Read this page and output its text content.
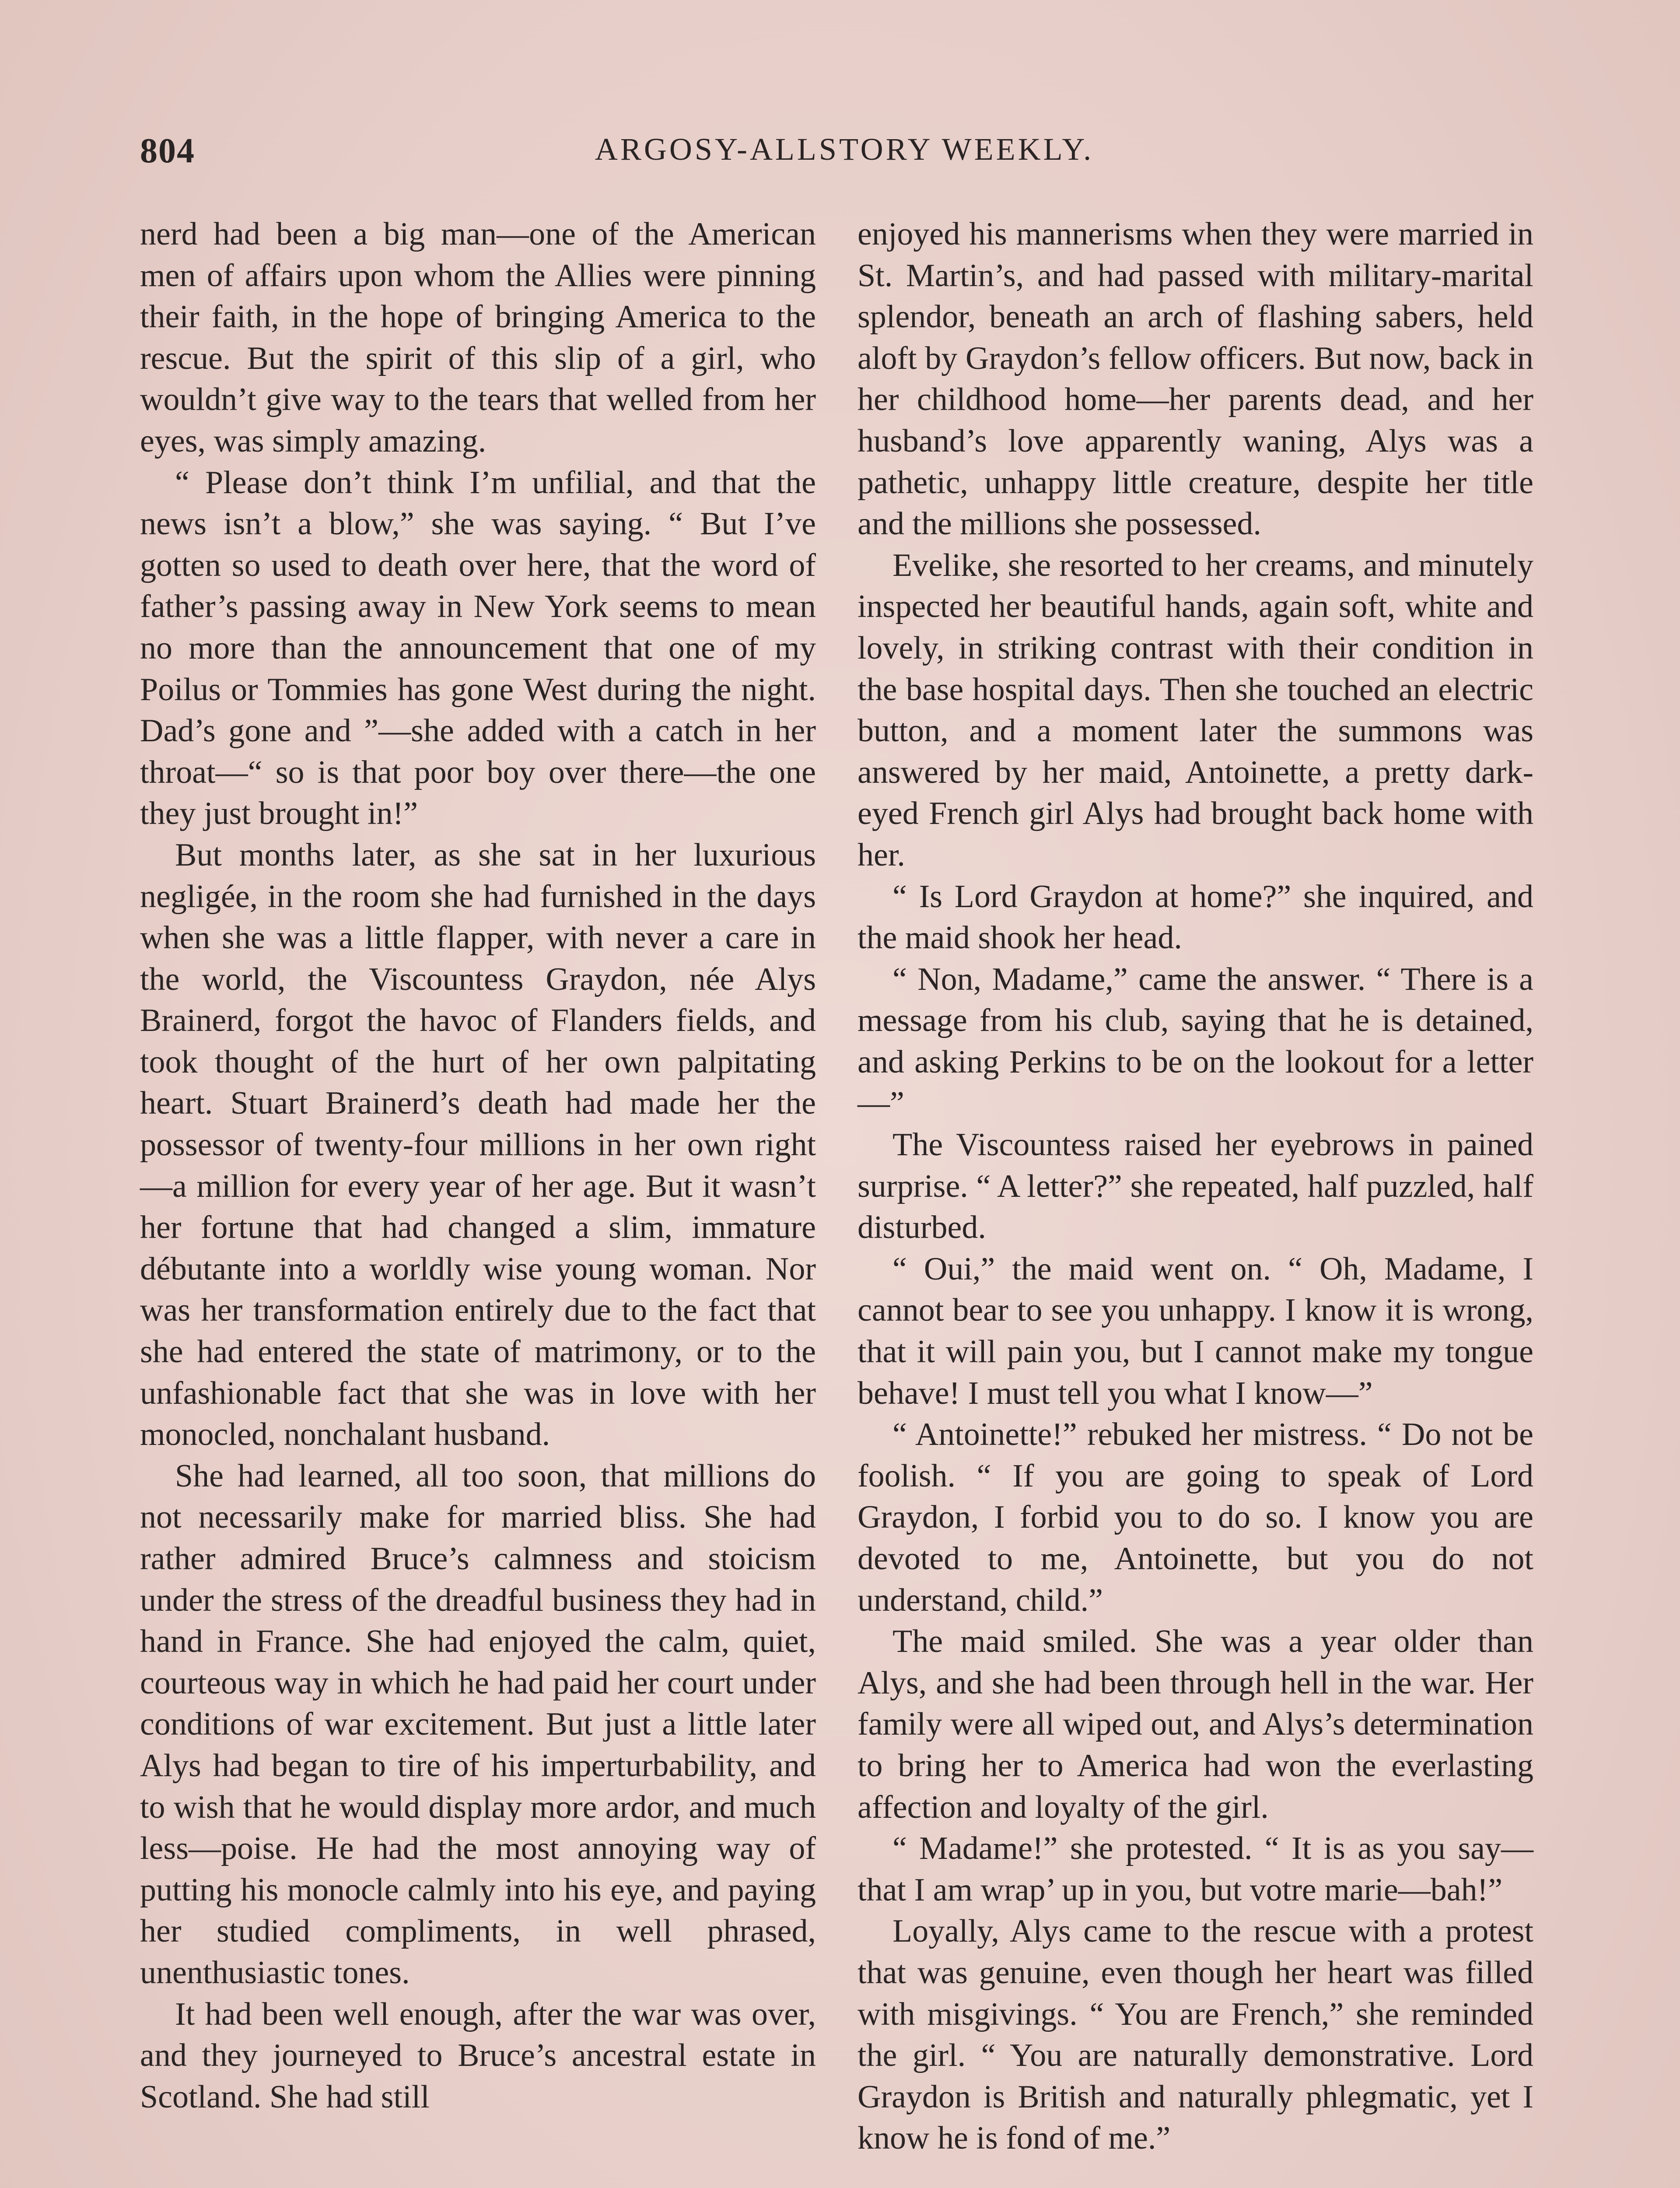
804	ARGOSY-ALLSTORY WEEKLY.

nerd had been a big man—one of the American men of affairs upon whom the Allies were pinning their faith, in the hope of bringing America to the rescue. But the spirit of this slip of a girl, who wouldn’t give way to the tears that welled from her eyes, was simply amazing.

“ Please don’t think I’m unfilial, and that the news isn’t a blow,” she was saying. “ But I’ve gotten so used to death over here, that the word of father’s passing away in New York seems to mean no more than the announcement that one of my Poilus or Tommies has gone West during the night. Dad’s gone and ”—she added with a catch in her throat—“ so is that poor boy over there—the one they just brought in!”

But months later, as she sat in her luxurious negligée, in the room she had furnished in the days when she was a little flapper, with never a care in the world, the Viscountess Graydon, née Alys Brainerd, forgot the havoc of Flanders fields, and took thought of the hurt of her own palpitating heart. Stuart Brainerd’s death had made her the possessor of twenty-four millions in her own right—a million for every year of her age. But it wasn’t her fortune that had changed a slim, immature débutante into a worldly wise young woman. Nor was her transformation entirely due to the fact that she had entered the state of matrimony, or to the unfashionable fact that she was in love with her monocled, nonchalant husband.

She had learned, all too soon, that millions do not necessarily make for married bliss. She had rather admired Bruce’s calmness and stoicism under the stress of the dreadful business they had in hand in France. She had enjoyed the calm, quiet, courteous way in which he had paid her court under conditions of war excitement. But just a little later Alys had began to tire of his imperturbability, and to wish that he would display more ardor, and much less—poise. He had the most annoying way of putting his monocle calmly into his eye, and paying her studied compliments, in well phrased, unenthusiastic tones.

It had been well enough, after the war was over, and they journeyed to Bruce’s ancestral estate in Scotland. She had still

enjoyed his mannerisms when they were married in St. Martin’s, and had passed with military-marital splendor, beneath an arch of flashing sabers, held aloft by Graydon’s fellow officers. But now, back in her childhood home—her parents dead, and her husband’s love apparently waning, Alys was a pathetic, unhappy little creature, despite her title and the millions she possessed.

Evelike, she resorted to her creams, and minutely inspected her beautiful hands, again soft, white and lovely, in striking contrast with their condition in the base hospital days. Then she touched an electric button, and a moment later the summons was answered by her maid, Antoinette, a pretty dark-eyed French girl Alys had brought back home with her.

“ Is Lord Graydon at home?” she inquired, and the maid shook her head.

“ Non, Madame,” came the answer. “ There is a message from his club, saying that he is detained, and asking Perkins to be on the lookout for a letter—”

The Viscountess raised her eyebrows in pained surprise. “ A letter?” she repeated, half puzzled, half disturbed.

“ Oui,” the maid went on. “ Oh, Madame, I cannot bear to see you unhappy. I know it is wrong, that it will pain you, but I cannot make my tongue behave! I must tell you what I know—”

“ Antoinette!” rebuked her mistress. “ Do not be foolish. “ If you are going to speak of Lord Graydon, I forbid you to do so. I know you are devoted to me, Antoinette, but you do not understand, child.”

The maid smiled. She was a year older than Alys, and she had been through hell in the war. Her family were all wiped out, and Alys’s determination to bring her to America had won the everlasting affection and loyalty of the girl.

“ Madame!” she protested. “ It is as you say—that I am wrap’ up in you, but votre marie—bah!”

Loyally, Alys came to the rescue with a protest that was genuine, even though her heart was filled with misgivings. “ You are French,” she reminded the girl. “ You are naturally demonstrative. Lord Graydon is British and naturally phlegmatic, yet I know he is fond of me.”
